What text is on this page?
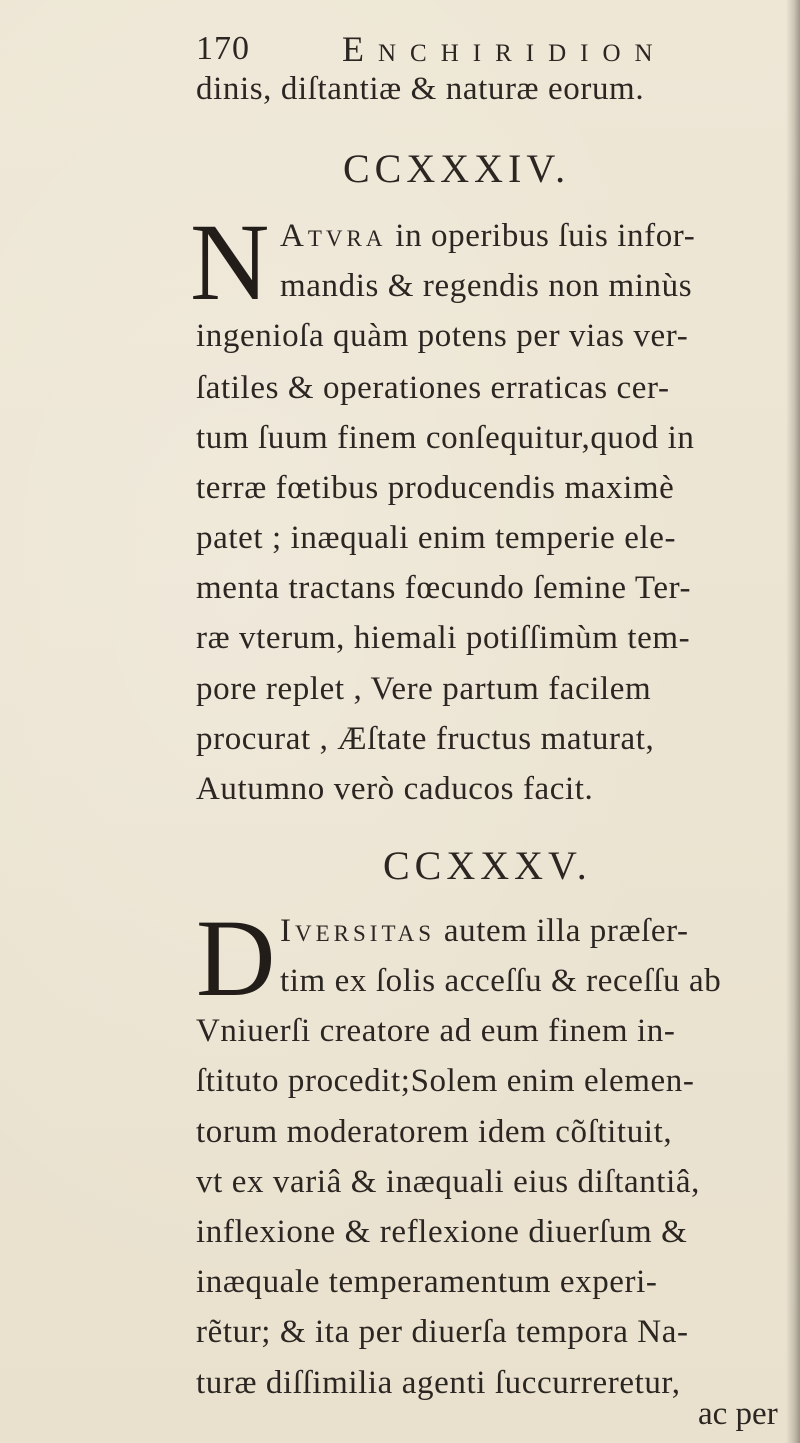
170	Enchiridion
dinis, diſtantiæ & naturæ eorum.
CCXXXIV.
N Atvra in operibus ſuis infor-
mandis & regendis non minùs
ingenioſa quàm potens per vias ver-
ſatiles & operationes erraticas cer-
tum ſuum finem conſequitur,quod in
terræ fœtibus producendis maximè
patet ; inæquali enim temperie ele-
menta tractans fœcundo ſemine Ter-
ræ vterum, hiemali potiſſimùm tem-
pore replet , Vere partum facilem
procurat , Æſtate fructus maturat,
Autumno verò caducos facit.
CCXXXV.
D Iversitas autem illa præſer-
tim ex ſolis acceſſu & receſſu ab
Vniuerſi creatore ad eum finem in-
ſtituto procedit;Solem enim elemen-
torum moderatorem idem cõſtituit,
vt ex variâ & inæquali eius diſtantiâ,
inflexione & reflexione diuerſum &
inæquale temperamentum experi-
rẽtur; & ita per diuerſa tempora Na-
turæ diſſimilia agenti ſuccurreretur,
ac per
